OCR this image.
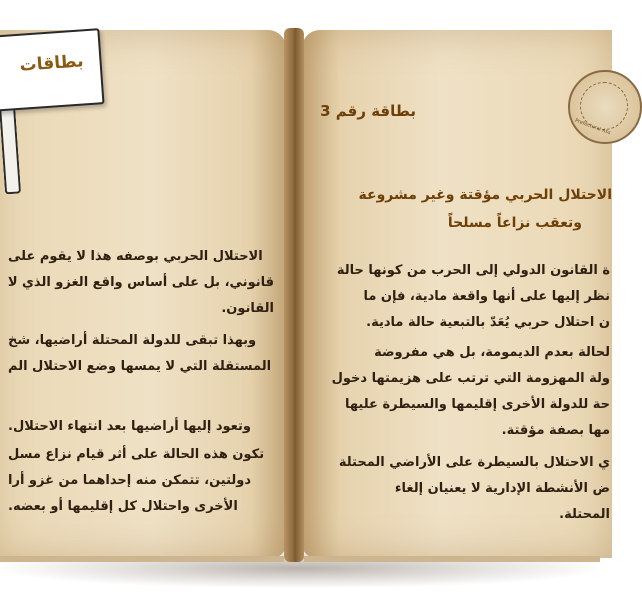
بطاقات
Prefectural Ass
بطاقة رقم 3
الاحتلال الحربي مؤقتة وغير مشروعة
وتعقب نزاعاً مسلحاً
ة القانون الدولي إلى الحرب من كونها حالة
نظر إليها على أنها واقعة مادية، فإن ما
ن احتلال حربي يُعَدّ بالتبعية حالة مادية.
لحالة بعدم الديمومة، بل هي مفروضة
ولة المهزومة التي ترتب على هزيمتها دخول
حة للدولة الأخرى إقليمها والسيطرة عليها
مها بصفة مؤقتة.
ي الاحتلال بالسيطرة على الأراضي المحتلة
ض الأنشطة الإدارية لا يعنيان إلغاء
المحتلة.
الاحتلال الحربي بوصفه هذا لا يقوم على
قانوني، بل على أساس واقع الغزو الذي لا
القانون.
وبهذا تبقى للدولة المحتلة أراضيها، شخ
المستقلة التي لا يمسها وضع الاحتلال الم
وتعود إليها أراضيها بعد انتهاء الاحتلال.
تكون هذه الحالة على أثر قيام نزاع مسل
دولتين، تتمكن منه إحداهما من غزو أرا
الأخرى واحتلال كل إقليمها أو بعضه.
